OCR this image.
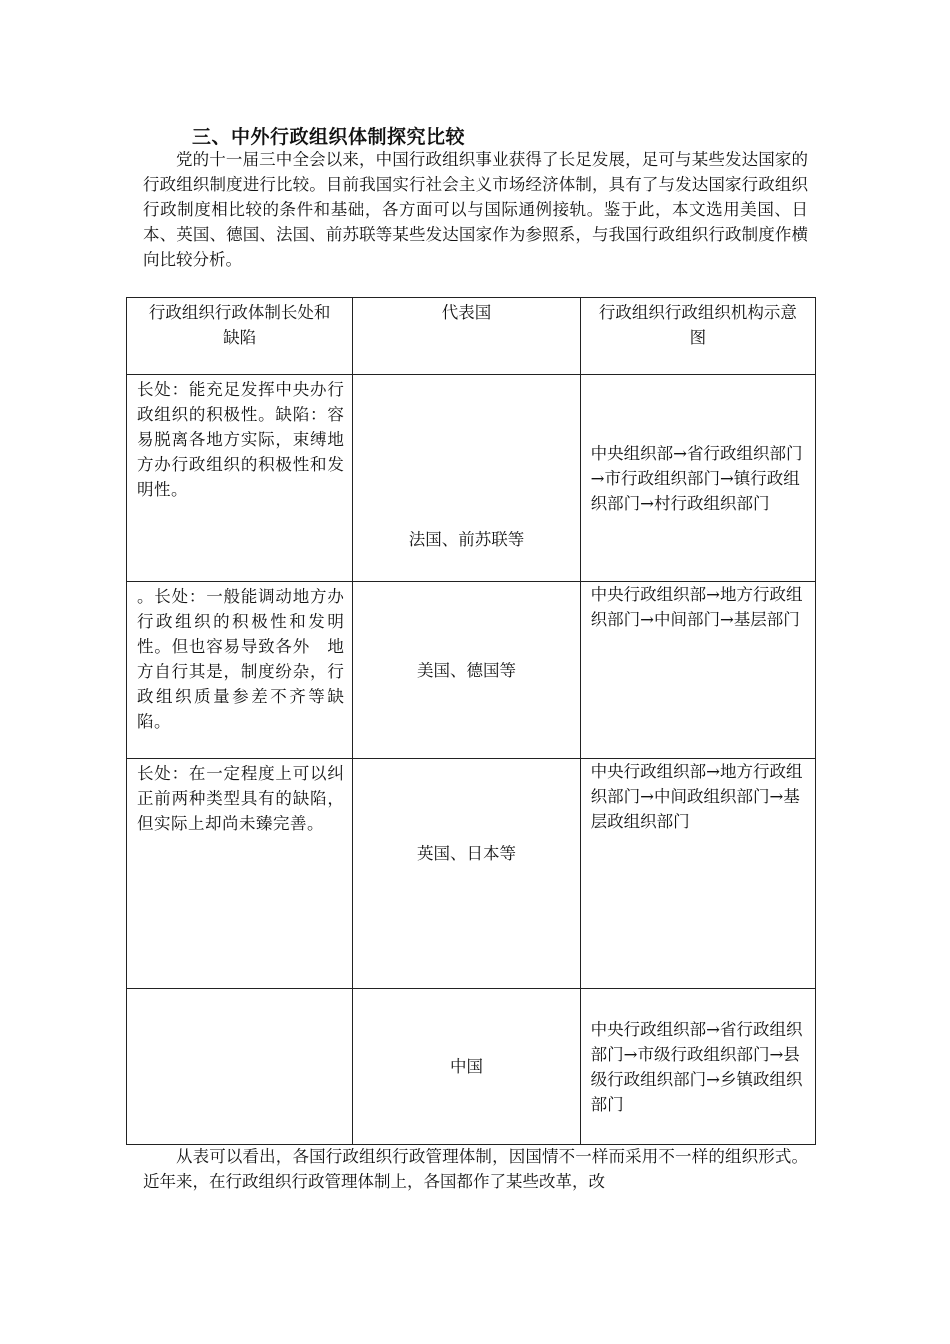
三、中外行政组织体制探究比较

党的十一届三中全会以来，中国行政组织事业获得了长足发展，足可与某些发达国家的行政组织制度进行比较。目前我国实行社会主义市场经济体制，具有了与发达国家行政组织行政制度相比较的条件和基础，各方面可以与国际通例接轨。鉴于此，本文选用美国、日本、英国、德国、法国、前苏联等某些发达国家作为参照系，与我国行政组织行政制度作横向比较分析。

行政组织行政体制长处和缺陷	代表国	行政组织行政组织机构示意图
长处：能充足发挥中央办行政组织的积极性。缺陷：容易脱离各地方实际，束缚地方办行政组织的积极性和发明性。	法国、前苏联等	中央组织部→省行政组织部门→市行政组织部门→镇行政组织部门→村行政组织部门
。长处：一般能调动地方办行政组织的积极性和发明性。但也容易导致各外　地方自行其是，制度纷杂，行政组织质量参差不齐等缺陷。	美国、德国等	中央行政组织部→地方行政组织部门→中间部门→基层部门
长处：在一定程度上可以纠正前两种类型具有的缺陷，但实际上却尚未臻完善。	英国、日本等	中央行政组织部→地方行政组织部门→中间政组织部门→基层政组织部门
	中国	中央行政组织部→省行政组织部门→市级行政组织部门→县级行政组织部门→乡镇政组织部门

从表可以看出，各国行政组织行政管理体制，因国情不一样而采用不一样的组织形式。近年来，在行政组织行政管理体制上，各国都作了某些改革，改
